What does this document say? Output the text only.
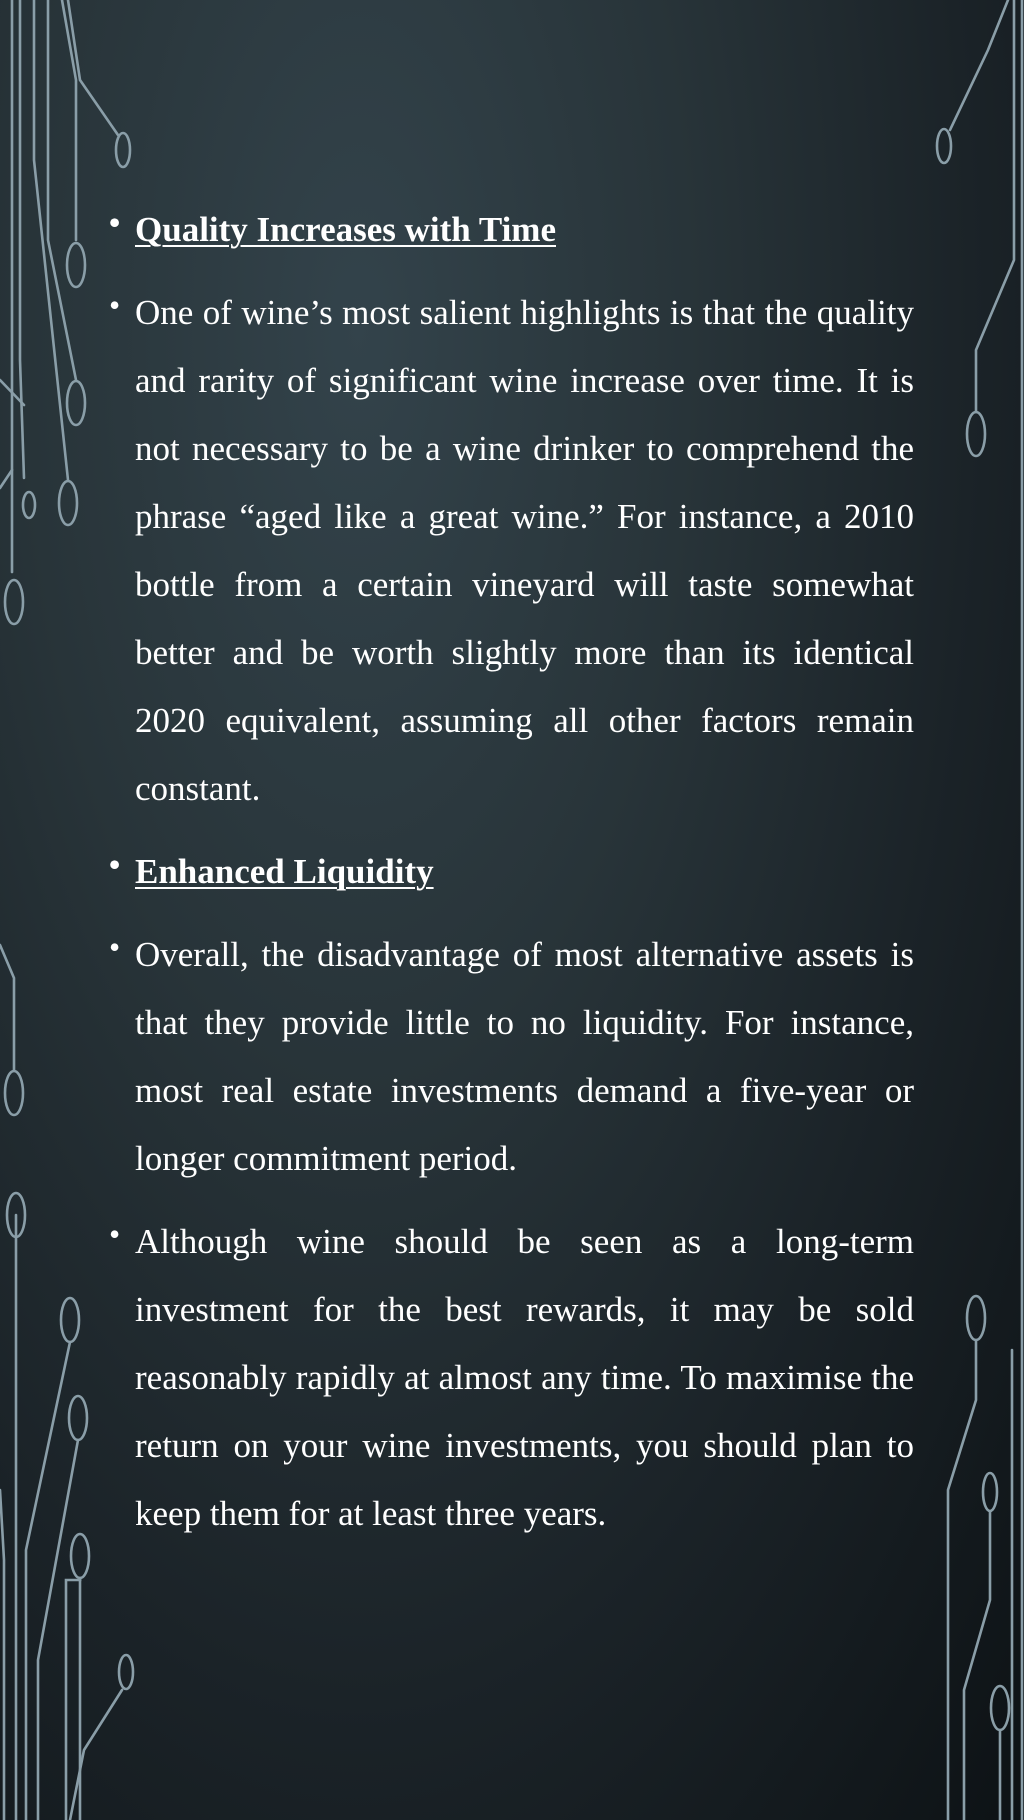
• Quality Increases with Time

• One of wine’s most salient highlights is that the quality and rarity of significant wine increase over time. It is not necessary to be a wine drinker to comprehend the phrase “aged like a great wine.” For instance, a 2010 bottle from a certain vineyard will taste somewhat better and be worth slightly more than its identical 2020 equivalent, assuming all other factors remain constant.

• Enhanced Liquidity

• Overall, the disadvantage of most alternative assets is that they provide little to no liquidity. For instance, most real estate investments demand a five-year or longer commitment period.

• Although wine should be seen as a long-term investment for the best rewards, it may be sold reasonably rapidly at almost any time. To maximise the return on your wine investments, you should plan to keep them for at least three years.
